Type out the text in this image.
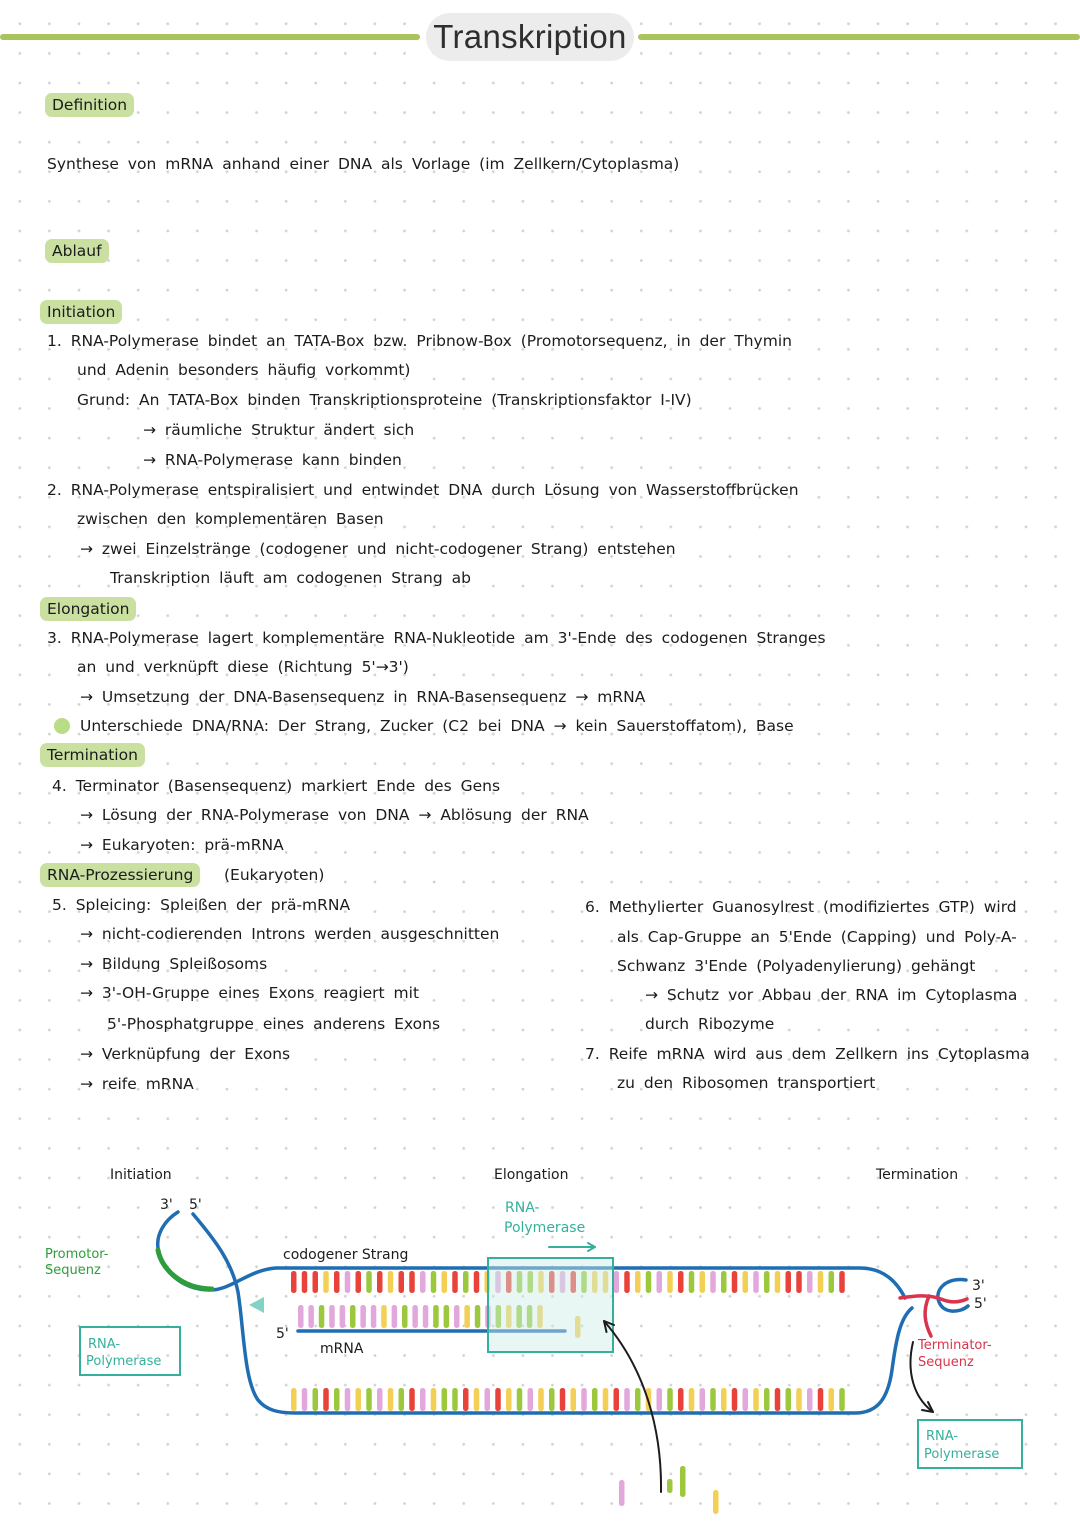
Transkription
Definition
Synthese von mRNA anhand einer DNA als Vorlage (im Zellkern/Cytoplasma)
Ablauf
Initiation
1. RNA-Polymerase bindet an TATA-Box bzw. Pribnow-Box (Promotorsequenz, in der Thymin
und Adenin besonders häufig vorkommt)
Grund: An TATA-Box binden Transkriptionsproteine (Transkriptionsfaktor I-IV)
→ räumliche Struktur ändert sich
→ RNA-Polymerase kann binden
2. RNA-Polymerase entspiralisiert und entwindet DNA durch Lösung von Wasserstoffbrücken
zwischen den komplementären Basen
→ zwei Einzelstränge (codogener und nicht-codogener Strang) entstehen
Transkription läuft am codogenen Strang ab
Elongation
3. RNA-Polymerase lagert komplementäre RNA-Nukleotide am 3'-Ende des codogenen Stranges
an und verknüpft diese (Richtung 5'→3')
→ Umsetzung der DNA-Basensequenz in RNA-Basensequenz → mRNA
Unterschiede DNA/RNA: Der Strang, Zucker (C2 bei DNA → kein Sauerstoffatom), Base
Termination
4. Terminator (Basensequenz) markiert Ende des Gens
→ Lösung der RNA-Polymerase von DNA → Ablösung der RNA
→ Eukaryoten: prä-mRNA
RNA-Prozessierung	(Eukaryoten)
5. Spleicing: Spleißen der prä-mRNA
→ nicht-codierenden Introns werden ausgeschnitten
→ Bildung Spleißosoms
→ 3'-OH-Gruppe eines Exons reagiert mit
5'-Phosphatgruppe eines anderens Exons
→ Verknüpfung der Exons
→ reife mRNA
6. Methylierter Guanosylrest (modifiziertes GTP) wird
als Cap-Gruppe an 5'Ende (Capping) und Poly-A-
Schwanz 3'Ende (Polyadenylierung) gehängt
→ Schutz vor Abbau der RNA im Cytoplasma
durch Ribozyme
7. Reife mRNA wird aus dem Zellkern ins Cytoplasma
zu den Ribosomen transportiert
Initiation
3' 5'
Promotor-
Sequenz
RNA-
Polymerase
codogener Strang
5'
mRNA
Elongation
RNA-
Polymerase
Termination
3'
5'
Terminator-
Sequenz
RNA-
Polymerase
